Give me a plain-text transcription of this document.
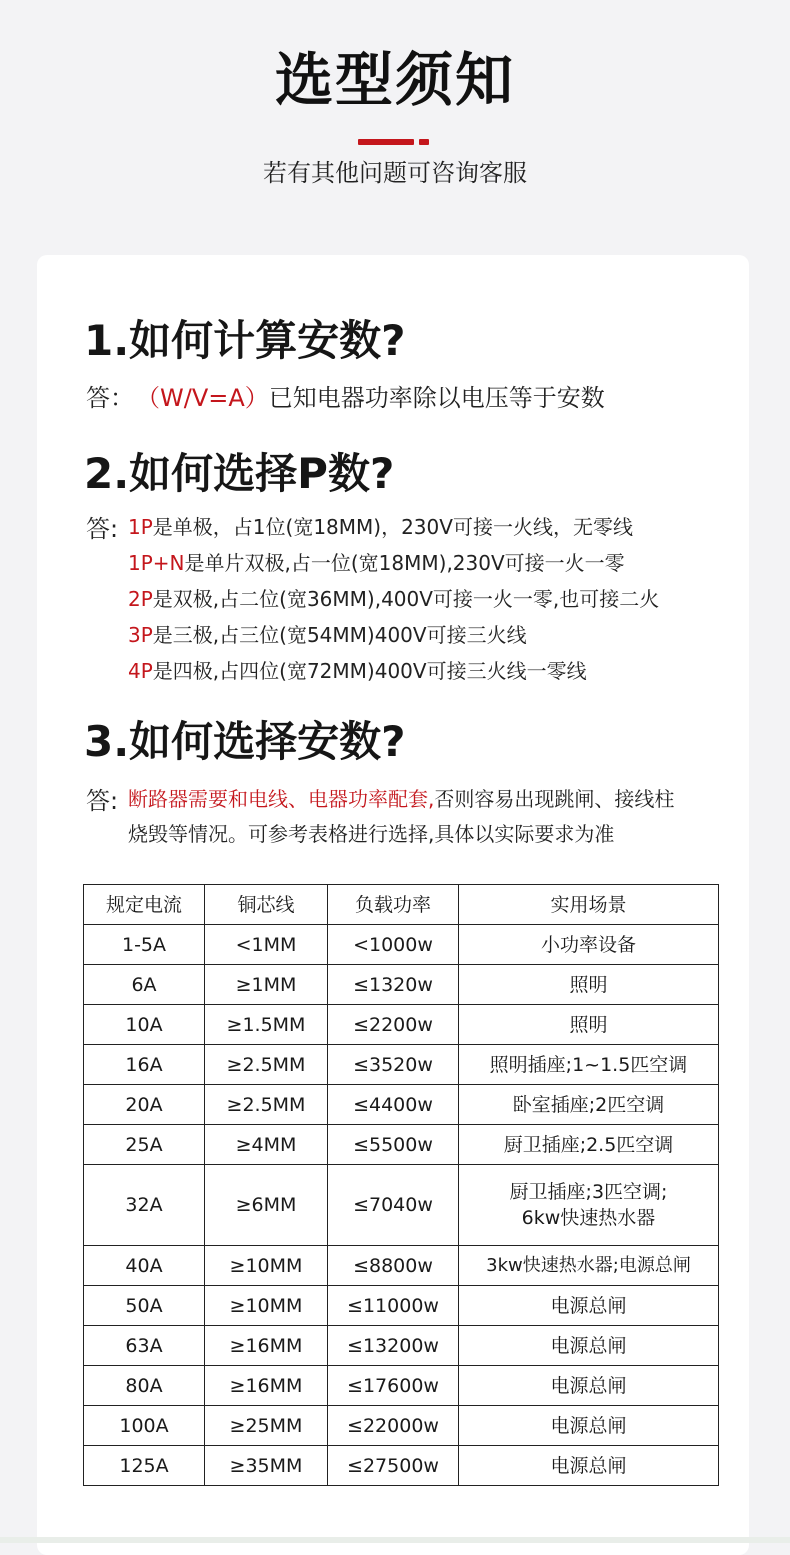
选型须知
若有其他问题可咨询客服
1.如何计算安数?
答： （W/V=A）已知电器功率除以电压等于安数
2.如何选择P数?
答: 1P是单极，占1位(宽18MM)，230V可接一火线，无零线
1P+N是单片双极,占一位(宽18MM),230V可接一火一零
2P是双极,占二位(宽36MM),400V可接一火一零,也可接二火
3P是三极,占三位(宽54MM)400V可接三火线
4P是四极,占四位(宽72MM)400V可接三火线一零线
3.如何选择安数?
答: 断路器需要和电线、电器功率配套,否则容易出现跳闸、接线柱
烧毁等情况。可参考表格进行选择,具体以实际要求为准
规定电流	铜芯线	负载功率	实用场景
1-5A	<1MM	<1000w	小功率设备
6A	≥1MM	≤1320w	照明
10A	≥1.5MM	≤2200w	照明
16A	≥2.5MM	≤3520w	照明插座;1~1.5匹空调
20A	≥2.5MM	≤4400w	卧室插座;2匹空调
25A	≥4MM	≤5500w	厨卫插座;2.5匹空调
32A	≥6MM	≤7040w	厨卫插座;3匹空调;
6kw快速热水器

40A	≥10MM	≤8800w	3kw快速热水器;电源总闸
50A	≥10MM	≤11000w	电源总闸
63A	≥16MM	≤13200w	电源总闸
80A	≥16MM	≤17600w	电源总闸
100A	≥25MM	≤22000w	电源总闸
125A	≥35MM	≤27500w	电源总闸
